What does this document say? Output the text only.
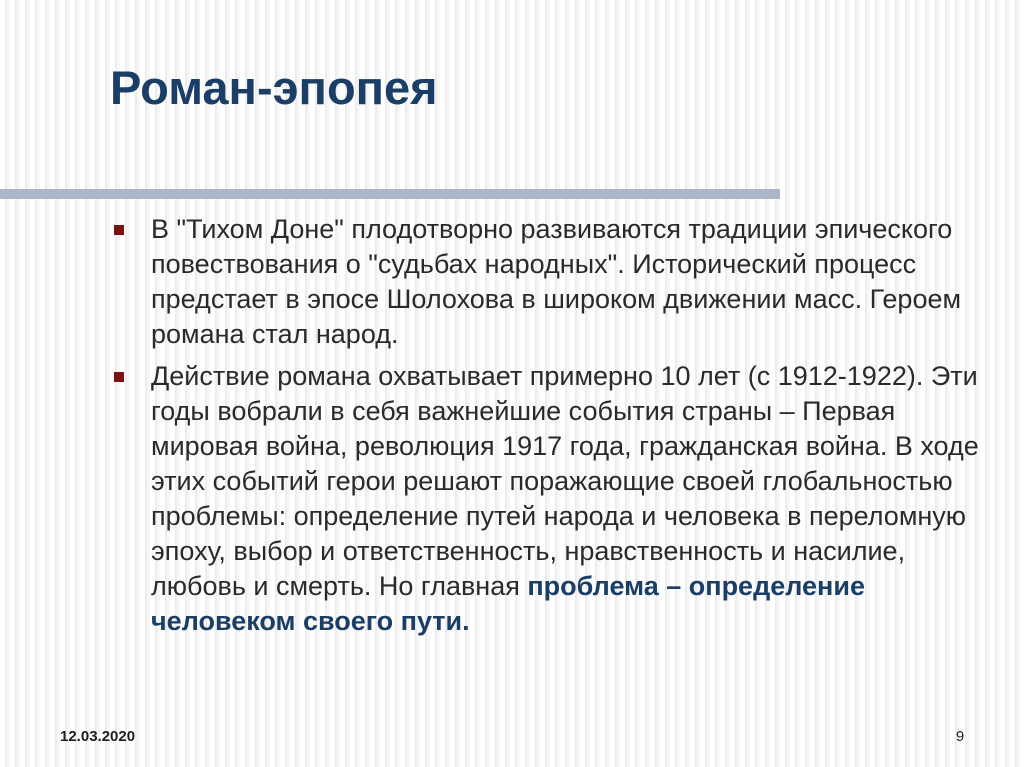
Роман-эпопея
В "Тихом Доне" плодотворно развиваются традиции эпического повествования о "судьбах народных". Исторический процесс предстает в эпосе Шолохова в широком движении масс. Героем романа стал народ.
Действие романа охватывает примерно 10 лет (с 1912-1922). Эти годы вобрали в себя важнейшие события страны – Первая мировая война, революция 1917 года, гражданская война. В ходе этих событий герои решают поражающие своей глобальностью проблемы: определение путей народа и человека в переломную эпоху, выбор и ответственность, нравственность и насилие, любовь и смерть. Но главная проблема – определение человеком своего пути.
12.03.2020	9
